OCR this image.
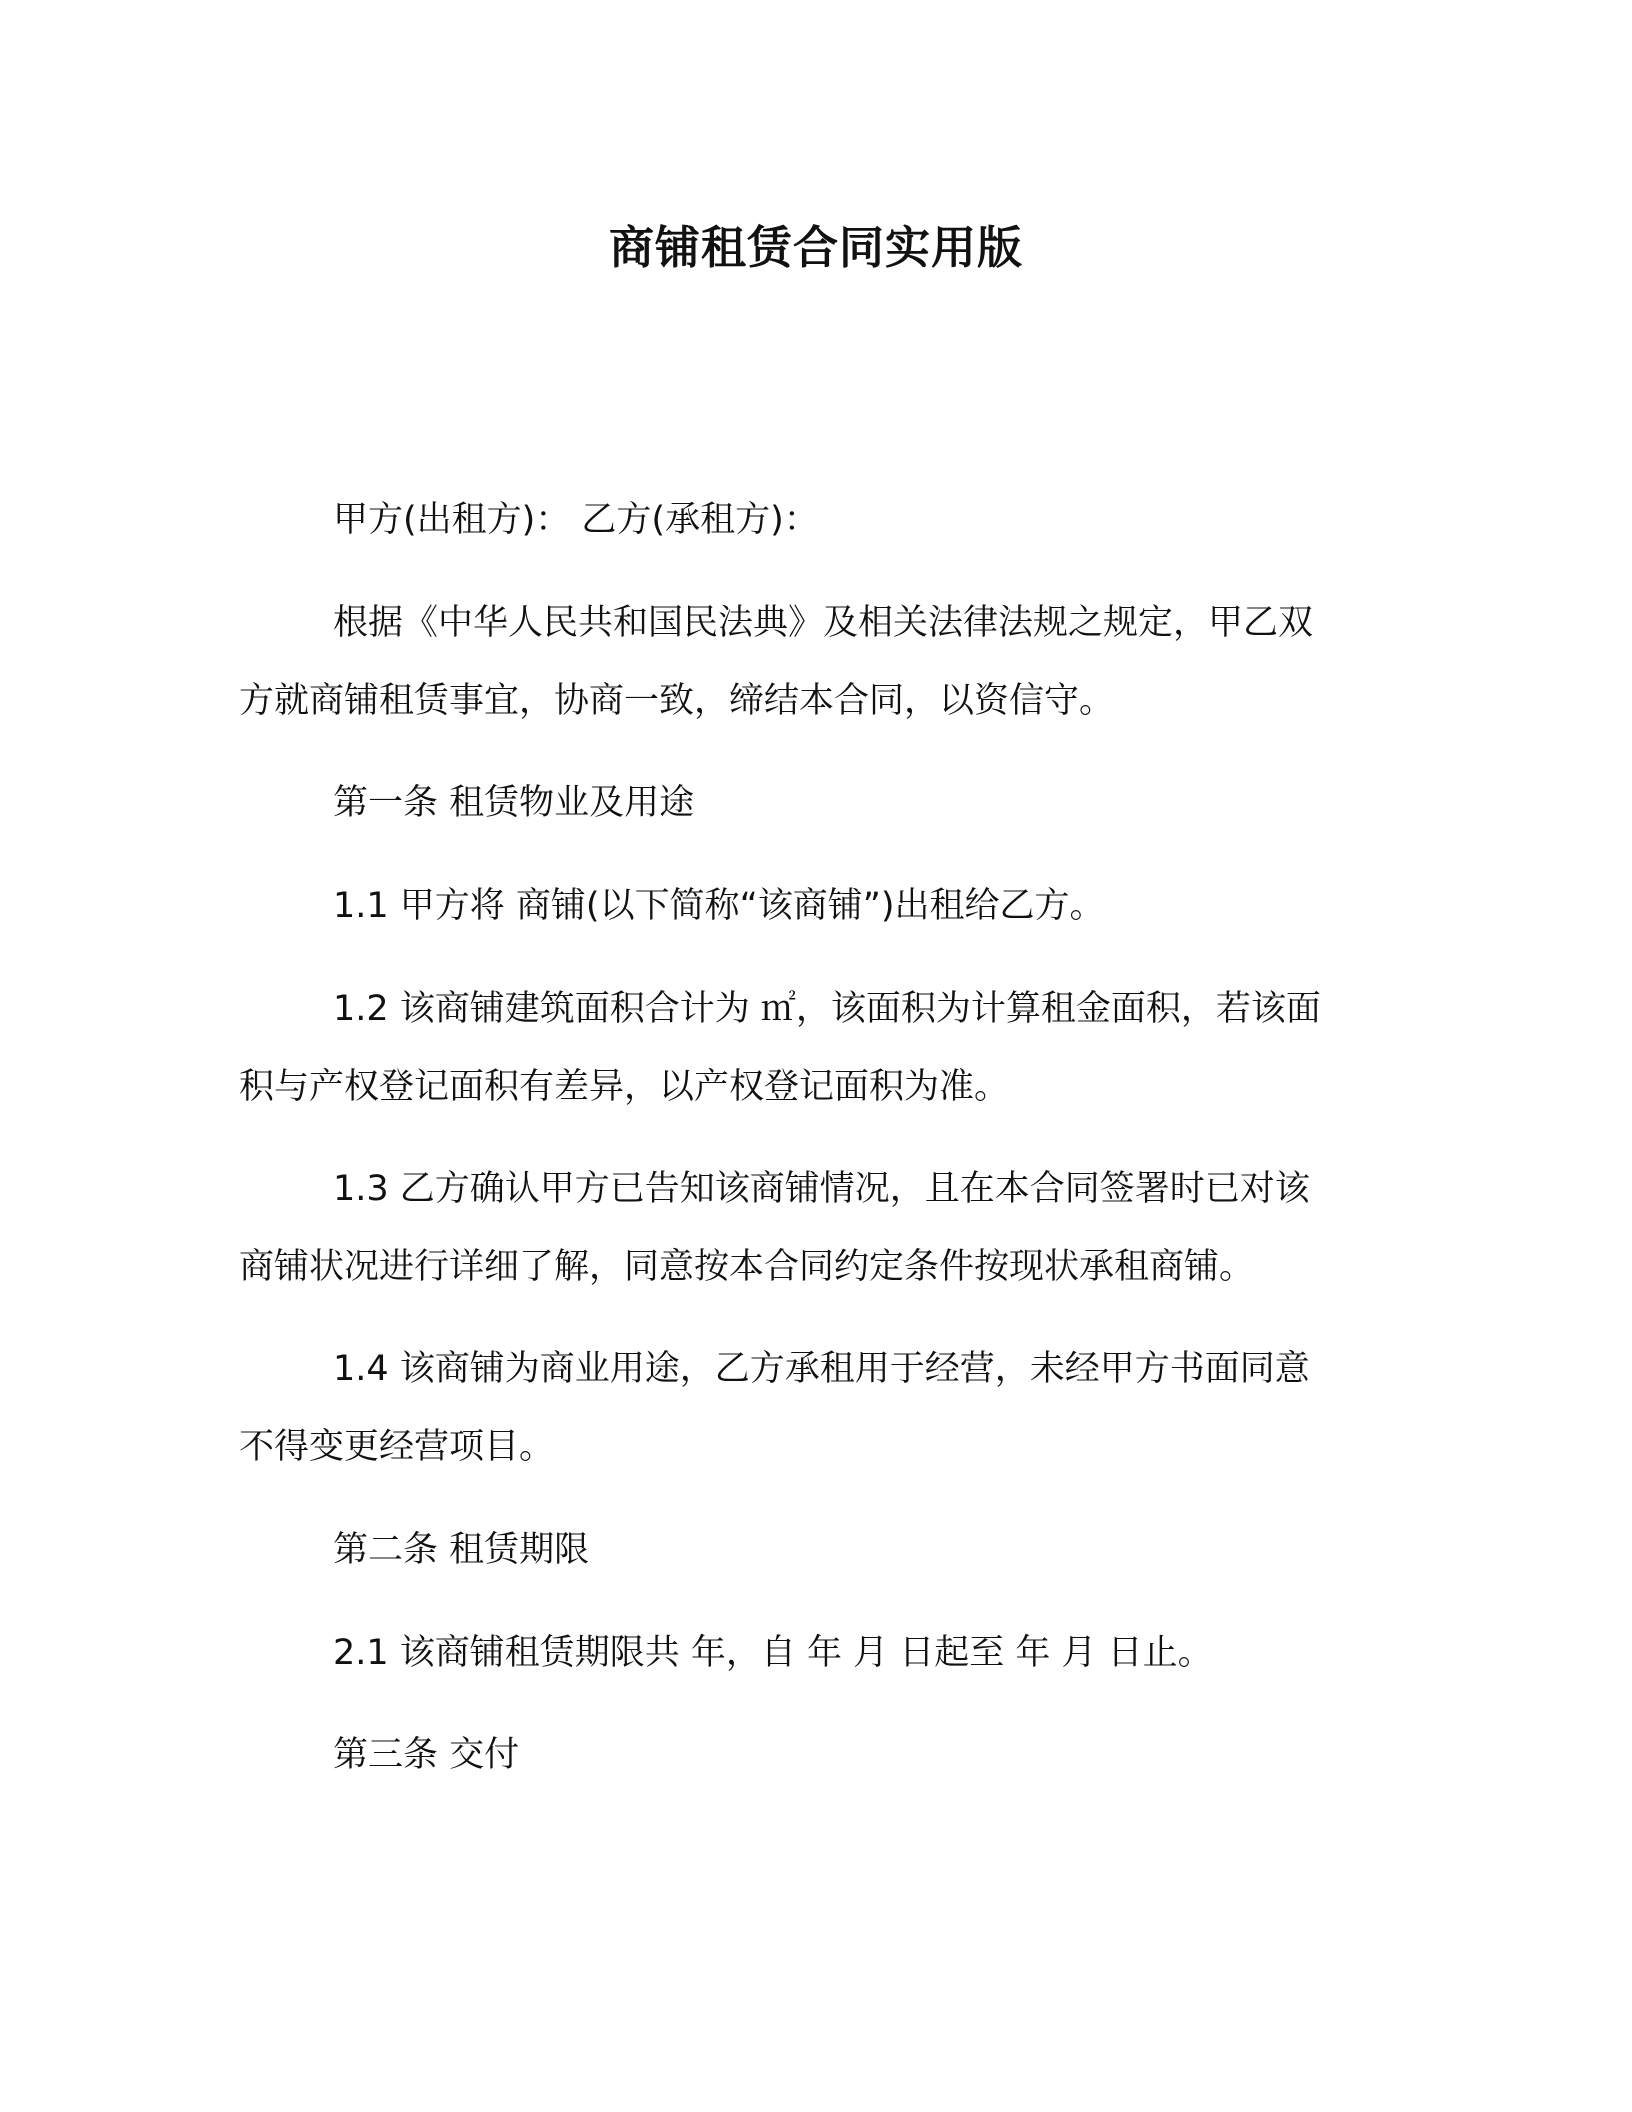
商铺租赁合同实用版
甲方(出租方)： 乙方(承租方)：
根据《中华人民共和国民法典》及相关法律法规之规定，甲乙双
方就商铺租赁事宜，协商一致，缔结本合同，以资信守。
第一条 租赁物业及用途
1.1 甲方将 商铺(以下简称“该商铺”)出租给乙方。
1.2 该商铺建筑面积合计为 ㎡，该面积为计算租金面积，若该面
积与产权登记面积有差异，以产权登记面积为准。
1.3 乙方确认甲方已告知该商铺情况，且在本合同签署时已对该
商铺状况进行详细了解，同意按本合同约定条件按现状承租商铺。
1.4 该商铺为商业用途，乙方承租用于经营，未经甲方书面同意
不得变更经营项目。
第二条 租赁期限
2.1 该商铺租赁期限共 年，自 年 月 日起至 年 月 日止。
第三条 交付
